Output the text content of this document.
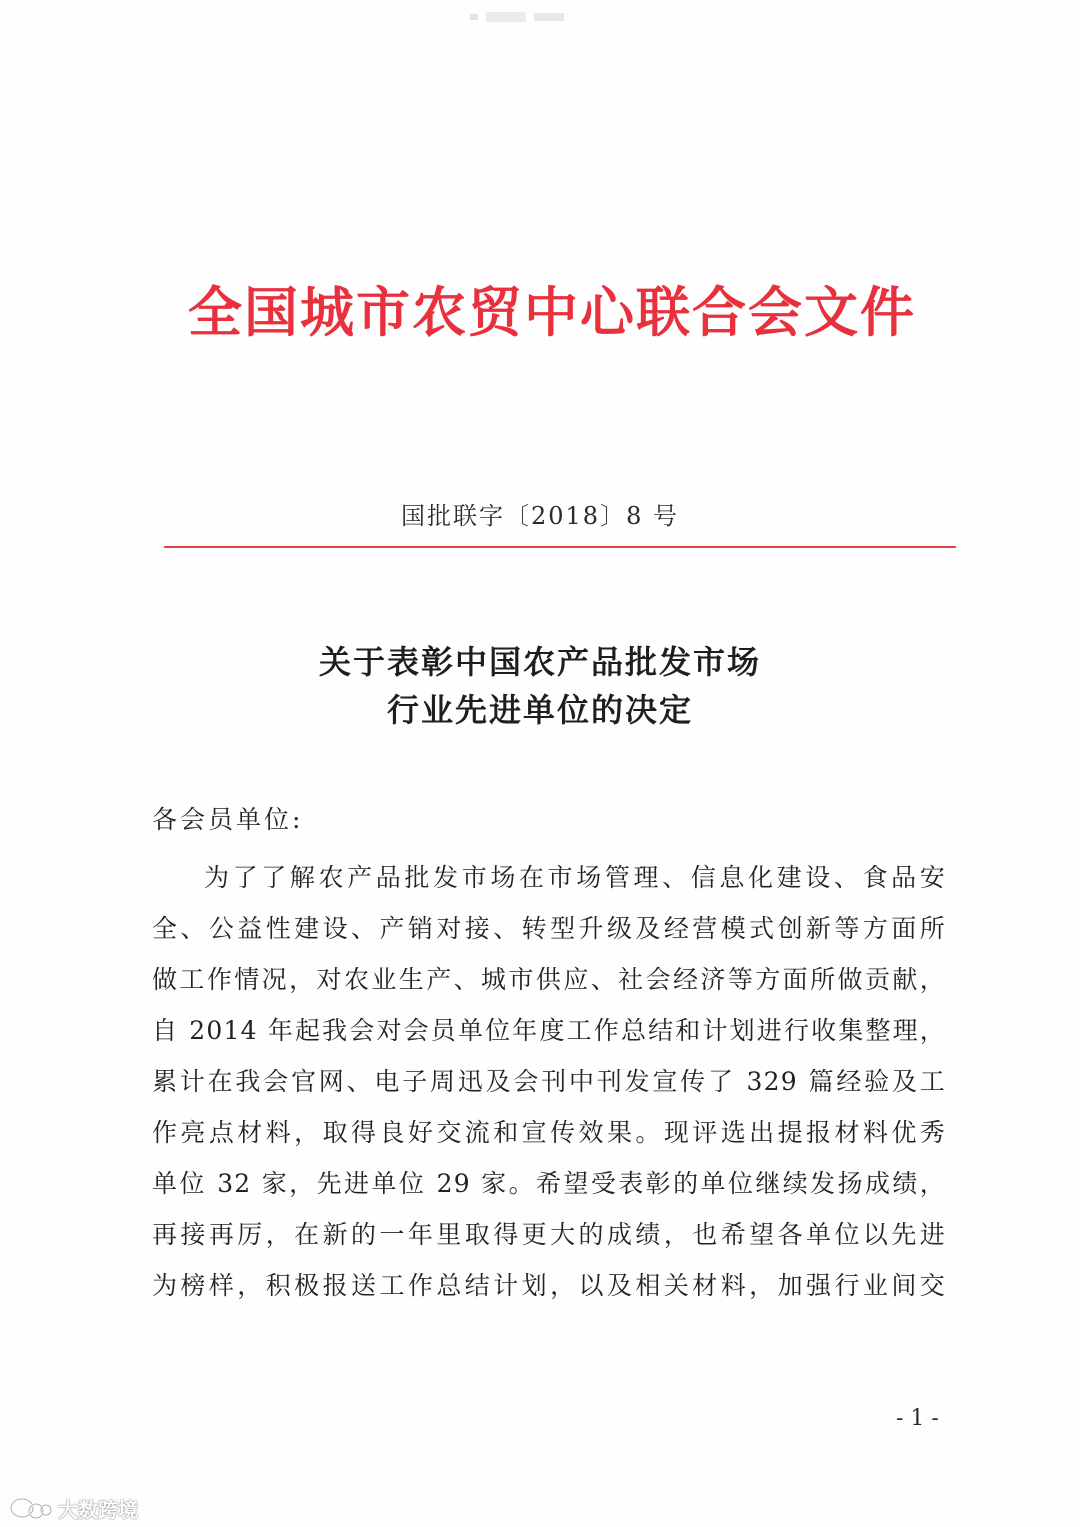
全国城市农贸中心联合会文件
国批联字〔2018〕8 号
关于表彰中国农产品批发市场
行业先进单位的决定
各会员单位:
为了了解农产品批发市场在市场管理、信息化建设、食品安
全、公益性建设、产销对接、转型升级及经营模式创新等方面所
做工作情况，对农业生产、城市供应、社会经济等方面所做贡献，
自 2014 年起我会对会员单位年度工作总结和计划进行收集整理，
累计在我会官网、电子周迅及会刊中刊发宣传了 329 篇经验及工
作亮点材料，取得良好交流和宣传效果。现评选出提报材料优秀
单位 32 家，先进单位 29 家。希望受表彰的单位继续发扬成绩，
再接再厉，在新的一年里取得更大的成绩，也希望各单位以先进
为榜样，积极报送工作总结计划，以及相关材料，加强行业间交
- 1 -
大数跨境
